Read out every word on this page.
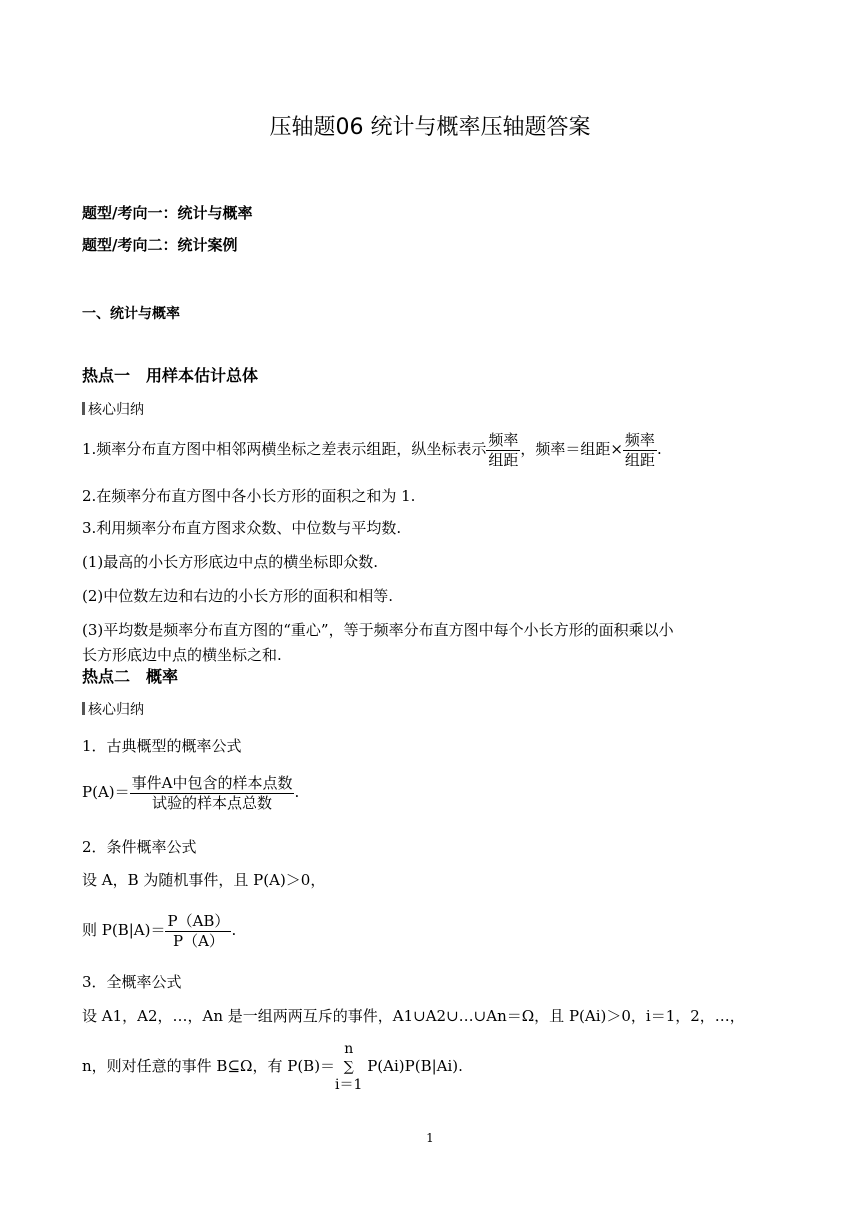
压轴题06 统计与概率压轴题答案
题型/考向一：统计与概率
题型/考向二：统计案例
一、统计与概率
热点一　用样本估计总体
核心归纳
1.频率分布直方图中相邻两横坐标之差表示组距，纵坐标表示 $\frac{\text{频率}}{\text{组距}}$ ，频率＝组距× $\frac{\text{频率}}{\text{组距}}$ .
2.在频率分布直方图中各小长方形的面积之和为 1.
3.利用频率分布直方图求众数、中位数与平均数.
(1)最高的小长方形底边中点的横坐标即众数.
(2)中位数左边和右边的小长方形的面积和相等.
(3)平均数是频率分布直方图的“重心”，等于频率分布直方图中每个小长方形的面积乘以小
长方形底边中点的横坐标之和.
热点二　概率
核心归纳
1．古典概型的概率公式
$P(A)= \frac{\text{事件A中包含的样本点数}}{\text{试验的样本点总数}}$ .
2．条件概率公式
设 A，B 为随机事件，且 P(A)＞0，
则 $P(B|A)= \frac{P(AB)}{P(A)}$ .
3．全概率公式
设 A1，A2，…，An 是一组两两互斥的事件，A1∪A2∪…∪An＝Ω，且 P(Ai)＞0，i＝1，2，…，
n，则对任意的事件 B⊆Ω，有 P(B)＝
n
∑
i＝1
P(Ai)P(B|Ai).
1
